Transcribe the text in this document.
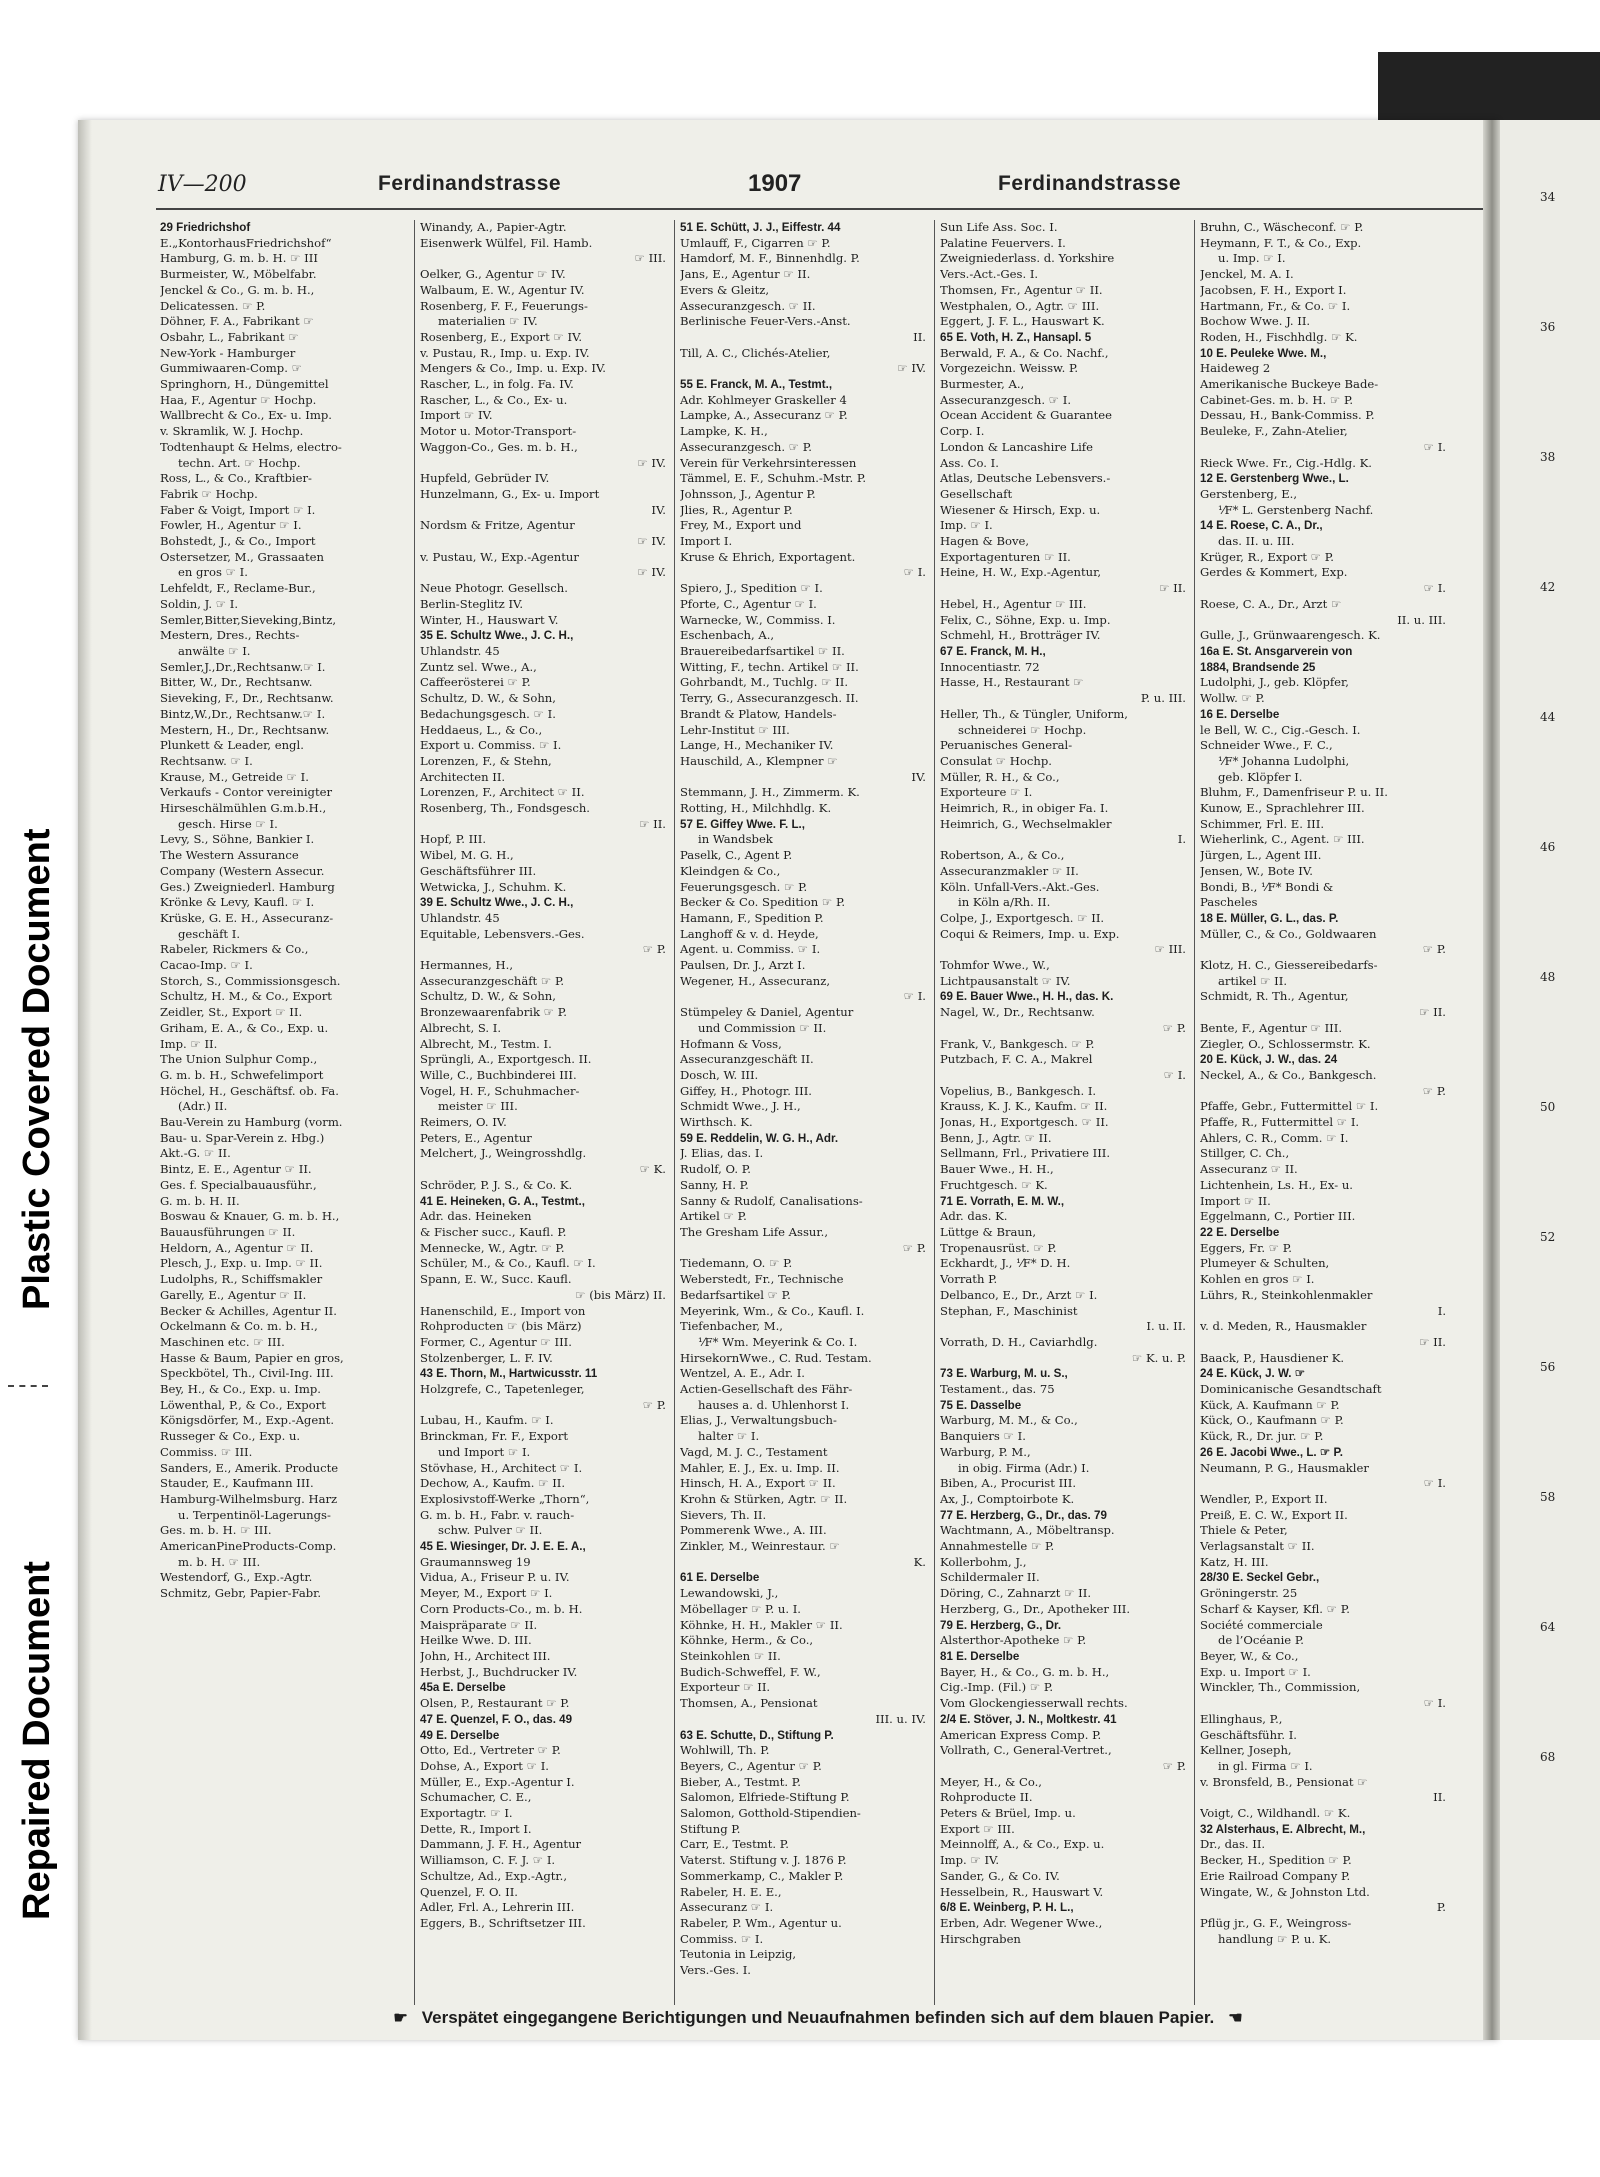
Plastic Covered Document
Repaired Document
IV—200	Ferdinandstrasse	1907	Ferdinandstrasse
29 Friedrichshof
E.„KontorhausFriedrichshof“
Hamburg, G. m. b. H. ☞ III
Burmeister, W., Möbelfabr.
Jenckel & Co., G. m. b. H.,
Delicatessen. ☞ P.
Döhner, F. A., Fabrikant ☞
Osbahr, L., Fabrikant ☞
New-York - Hamburger
Gummiwaaren-Comp. ☞
Springhorn, H., Düngemittel
Haa, F., Agentur ☞ Hochp.
Wallbrecht & Co., Ex- u. Imp.
v. Skramlik, W. J. Hochp.
Todtenhaupt & Helms, electro-
techn. Art. ☞ Hochp.
Ross, L., & Co., Kraftbier-
Fabrik ☞ Hochp.
Faber & Voigt, Import ☞ I.
Fowler, H., Agentur ☞ I.
Bohstedt, J., & Co., Import
Ostersetzer, M., Grassaaten
en gros ☞ I.
Lehfeldt, F., Reclame-Bur.,
Soldin, J. ☞ I.
Semler,Bitter,Sieveking,Bintz,
Mestern, Dres., Rechts-
anwälte ☞ I.
Semler,J.,Dr.,Rechtsanw.☞ I.
Bitter, W., Dr., Rechtsanw.
Sieveking, F., Dr., Rechtsanw.
Bintz,W.,Dr., Rechtsanw.☞ I.
Mestern, H., Dr., Rechtsanw.
Plunkett & Leader, engl.
Rechtsanw. ☞ I.
Krause, M., Getreide ☞ I.
Verkaufs - Contor vereinigter
Hirseschälmühlen G.m.b.H.,
gesch. Hirse ☞ I.
Levy, S., Söhne, Bankier I.
The Western Assurance
Company (Western Assecur.
Ges.) Zweigniederl. Hamburg
Krönke & Levy, Kaufl. ☞ I.
Krüske, G. E. H., Assecuranz-
geschäft I.
Rabeler, Rickmers & Co.,
Cacao-Imp. ☞ I.
Storch, S., Commissionsgesch.
Schultz, H. M., & Co., Export
Zeidler, St., Export ☞ II.
Griham, E. A., & Co., Exp. u.
Imp. ☞ II.
The Union Sulphur Comp.,
G. m. b. H., Schwefelimport
Höchel, H., Geschäftsf. ob. Fa.
(Adr.) II.
Bau-Verein zu Hamburg (vorm.
Bau- u. Spar-Verein z. Hbg.)
Akt.-G. ☞ II.
Bintz, E. E., Agentur ☞ II.
Ges. f. Specialbauausführ.,
G. m. b. H. II.
Boswau & Knauer, G. m. b. H.,
Bauausführungen ☞ II.
Heldorn, A., Agentur ☞ II.
Plesch, J., Exp. u. Imp. ☞ II.
Ludolphs, R., Schiffsmakler
Garelly, E., Agentur ☞ II.
Becker & Achilles, Agentur II.
Ockelmann & Co. m. b. H.,
Maschinen etc. ☞ III.
Hasse & Baum, Papier en gros,
Speckbötel, Th., Civil-Ing. III.
Bey, H., & Co., Exp. u. Imp.
Löwenthal, P., & Co., Export
Königsdörfer, M., Exp.-Agent.
Russeger & Co., Exp. u.
Commiss. ☞ III.
Sanders, E., Amerik. Producte
Stauder, E., Kaufmann III.
Hamburg-Wilhelmsburg. Harz
u. Terpentinöl-Lagerungs-
Ges. m. b. H. ☞ III.
AmericanPineProducts-Comp.
m. b. H. ☞ III.
Westendorf, G., Exp.-Agtr.
Schmitz, Gebr, Papier-Fabr.
Winandy, A., Papier-Agtr.
Eisenwerk Wülfel, Fil. Hamb.
☞ III.
Oelker, G., Agentur ☞ IV.
Walbaum, E. W., Agentur IV.
Rosenberg, F. F., Feuerungs-
materialien ☞ IV.
Rosenberg, E., Export ☞ IV.
v. Pustau, R., Imp. u. Exp. IV.
Mengers & Co., Imp. u. Exp. IV.
Rascher, L., in folg. Fa. IV.
Rascher, L., & Co., Ex- u.
Import ☞ IV.
Motor u. Motor-Transport-
Waggon-Co., Ges. m. b. H.,
☞ IV.
Hupfeld, Gebrüder IV.
Hunzelmann, G., Ex- u. Import
IV.
Nordsm & Fritze, Agentur
☞ IV.
v. Pustau, W., Exp.-Agentur
☞ IV.
Neue Photogr. Gesellsch.
Berlin-Steglitz IV.
Winter, H., Hauswart V.
35 E. Schultz Wwe., J. C. H.,
Uhlandstr. 45
Zuntz sel. Wwe., A.,
Caffeerösterei ☞ P.
Schultz, D. W., & Sohn,
Bedachungsgesch. ☞ I.
Heddaeus, L., & Co.,
Export u. Commiss. ☞ I.
Lorenzen, F., & Stehn,
Architecten II.
Lorenzen, F., Architect ☞ II.
Rosenberg, Th., Fondsgesch.
☞ II.
Hopf, P. III.
Wibel, M. G. H.,
Geschäftsführer III.
Wetwicka, J., Schuhm. K.
39 E. Schultz Wwe., J. C. H.,
Uhlandstr. 45
Equitable, Lebensvers.-Ges.
☞ P.
Hermannes, H.,
Assecuranzgeschäft ☞ P.
Schultz, D. W., & Sohn,
Bronzewaarenfabrik ☞ P.
Albrecht, S. I.
Albrecht, M., Testm. I.
Sprüngli, A., Exportgesch. II.
Wille, C., Buchbinderei III.
Vogel, H. F., Schuhmacher-
meister ☞ III.
Reimers, O. IV.
Peters, E., Agentur
Melchert, J., Weingrosshdlg.
☞ K.
Schröder, P. J. S., & Co. K.
41 E. Heineken, G. A., Testmt.,
Adr. das. Heineken
& Fischer succ., Kaufl. P.
Mennecke, W., Agtr. ☞ P.
Schüler, M., & Co., Kaufl. ☞ I.
Spann, E. W., Succ. Kaufl.
☞ (bis März) II.
Hanenschild, E., Import von
Rohproducten ☞ (bis März)
Former, C., Agentur ☞ III.
Stolzenberger, L. F. IV.
43 E. Thorn, M., Hartwicusstr. 11
Holzgrefe, C., Tapetenleger,
☞ P.
Lubau, H., Kaufm. ☞ I.
Brinckman, Fr. F., Export
und Import ☞ I.
Stövhase, H., Architect ☞ I.
Dechow, A., Kaufm. ☞ II.
Explosivstoff-Werke „Thorn“,
G. m. b. H., Fabr. v. rauch-
schw. Pulver ☞ II.
45 E. Wiesinger, Dr. J. E. E. A.,
Graumannsweg 19
Vidua, A., Friseur P. u. IV.
Meyer, M., Export ☞ I.
Corn Products-Co., m. b. H.
Maispräparate ☞ II.
Heilke Wwe. D. III.
John, H., Architect III.
Herbst, J., Buchdrucker IV.
45a E. Derselbe
Olsen, P., Restaurant ☞ P.
47 E. Quenzel, F. O., das. 49
49 E. Derselbe
Otto, Ed., Vertreter ☞ P.
Dohse, A., Export ☞ I.
Müller, E., Exp.-Agentur I.
Schumacher, C. E.,
Exportagtr. ☞ I.
Dette, R., Import I.
Dammann, J. F. H., Agentur
Williamson, C. F. J. ☞ I.
Schultze, Ad., Exp.-Agtr.,
Quenzel, F. O. II.
Adler, Frl. A., Lehrerin III.
Eggers, B., Schriftsetzer III.
51 E. Schütt, J. J., Eiffestr. 44
Umlauff, F., Cigarren ☞ P.
Hamdorf, M. F., Binnenhdlg. P.
Jans, E., Agentur ☞ II.
Evers & Gleitz,
Assecuranzgesch. ☞ II.
Berlinische Feuer-Vers.-Anst.
II.
Till, A. C., Clichés-Atelier,
☞ IV.
55 E. Franck, M. A., Testmt.,
Adr. Kohlmeyer Graskeller 4
Lampke, A., Assecuranz ☞ P.
Lampke, K. H.,
Assecuranzgesch. ☞ P.
Verein für Verkehrsinteressen
Tämmel, E. F., Schuhm.-Mstr. P.
Johnsson, J., Agentur P.
Jlies, R., Agentur P.
Frey, M., Export und
Import I.
Kruse & Ehrich, Exportagent.
☞ I.
Spiero, J., Spedition ☞ I.
Pforte, C., Agentur ☞ I.
Warnecke, W., Commiss. I.
Eschenbach, A.,
Brauereibedarfsartikel ☞ II.
Witting, F., techn. Artikel ☞ II.
Gohrbandt, M., Tuchlg. ☞ II.
Terry, G., Assecuranzgesch. II.
Brandt & Platow, Handels-
Lehr-Institut ☞ III.
Lange, H., Mechaniker IV.
Hauschild, A., Klempner ☞
IV.
Stemmann, J. H., Zimmerm. K.
Rotting, H., Milchhdlg. K.
57 E. Giffey Wwe. F. L.,
in Wandsbek
Paselk, C., Agent P.
Kleindgen & Co.,
Feuerungsgesch. ☞ P.
Becker & Co. Spedition ☞ P.
Hamann, F., Spedition P.
Langhoff & v. d. Heyde,
Agent. u. Commiss. ☞ I.
Paulsen, Dr. J., Arzt I.
Wegener, H., Assecuranz,
☞ I.
Stümpeley & Daniel, Agentur
und Commission ☞ II.
Hofmann & Voss,
Assecuranzgeschäft II.
Dosch, W. III.
Giffey, H., Photogr. III.
Schmidt Wwe., J. H.,
Wirthsch. K.
59 E. Reddelin, W. G. H., Adr.
J. Elias, das. I.
Rudolf, O. P.
Sanny, H. P.
Sanny & Rudolf, Canalisations-
Artikel ☞ P.
The Gresham Life Assur.,
☞ P.
Tiedemann, O. ☞ P.
Weberstedt, Fr., Technische
Bedarfsartikel ☞ P.
Meyerink, Wm., & Co., Kaufl. I.
Tiefenbacher, M.,
⅟F* Wm. Meyerink & Co. I.
HirsekornWwe., C. Rud. Testam.
Wentzel, A. E., Adr. I.
Actien-Gesellschaft des Fähr-
hauses a. d. Uhlenhorst I.
Elias, J., Verwaltungsbuch-
halter ☞ I.
Vagd, M. J. C., Testament
Mahler, E. J., Ex. u. Imp. II.
Hinsch, H. A., Export ☞ II.
Krohn & Stürken, Agtr. ☞ II.
Sievers, Th. II.
Pommerenk Wwe., A. III.
Zinkler, M., Weinrestaur. ☞
K.
61 E. Derselbe
Lewandowski, J.,
Möbellager ☞ P. u. I.
Köhnke, H. H., Makler ☞ II.
Köhnke, Herm., & Co.,
Steinkohlen ☞ II.
Budich-Schweffel, F. W.,
Exporteur ☞ II.
Thomsen, A., Pensionat
III. u. IV.
63 E. Schutte, D., Stiftung P.
Wohlwill, Th. P.
Beyers, C., Agentur ☞ P.
Bieber, A., Testmt. P.
Salomon, Elfriede-Stiftung P.
Salomon, Gotthold-Stipendien-
Stiftung P.
Carr, E., Testmt. P.
Vaterst. Stiftung v. J. 1876 P.
Sommerkamp, C., Makler P.
Rabeler, H. E. E.,
Assecuranz ☞ I.
Rabeler, P. Wm., Agentur u.
Commiss. ☞ I.
Teutonia in Leipzig,
Vers.-Ges. I.
Sun Life Ass. Soc. I.
Palatine Feuervers. I.
Zweigniederlass. d. Yorkshire
Vers.-Act.-Ges. I.
Thomsen, Fr., Agentur ☞ II.
Westphalen, O., Agtr. ☞ III.
Eggert, J. F. L., Hauswart K.
65 E. Voth, H. Z., Hansapl. 5
Berwald, F. A., & Co. Nachf.,
Vorgezeichn. Weissw. P.
Burmester, A.,
Assecuranzgesch. ☞ I.
Ocean Accident & Guarantee
Corp. I.
London & Lancashire Life
Ass. Co. I.
Atlas, Deutsche Lebensvers.-
Gesellschaft
Wiesener & Hirsch, Exp. u.
Imp. ☞ I.
Hagen & Bove,
Exportagenturen ☞ II.
Heine, H. W., Exp.-Agentur,
☞ II.
Hebel, H., Agentur ☞ III.
Felix, C., Söhne, Exp. u. Imp.
Schmehl, H., Brotträger IV.
67 E. Franck, M. H.,
Innocentiastr. 72
Hasse, H., Restaurant ☞
P. u. III.
Heller, Th., & Tüngler, Uniform,
schneiderei ☞ Hochp.
Peruanisches General-
Consulat ☞ Hochp.
Müller, R. H., & Co.,
Exporteure ☞ I.
Heimrich, R., in obiger Fa. I.
Heimrich, G., Wechselmakler
I.
Robertson, A., & Co.,
Assecuranzmakler ☞ II.
Köln. Unfall-Vers.-Akt.-Ges.
in Köln a/Rh. II.
Colpe, J., Exportgesch. ☞ II.
Coqui & Reimers, Imp. u. Exp.
☞ III.
Tohmfor Wwe., W.,
Lichtpausanstalt ☞ IV.
69 E. Bauer Wwe., H. H., das. K.
Nagel, W., Dr., Rechtsanw.
☞ P.
Frank, V., Bankgesch. ☞ P.
Putzbach, F. C. A., Makrel
☞ I.
Vopelius, B., Bankgesch. I.
Krauss, K. J. K., Kaufm. ☞ II.
Jonas, H., Exportgesch. ☞ II.
Benn, J., Agtr. ☞ II.
Sellmann, Frl., Privatiere III.
Bauer Wwe., H. H.,
Fruchtgesch. ☞ K.
71 E. Vorrath, E. M. W.,
Adr. das. K.
Lüttge & Braun,
Tropenausrüst. ☞ P.
Eckhardt, J., ⅟F* D. H.
Vorrath P.
Delbanco, E., Dr., Arzt ☞ I.
Stephan, F., Maschinist
I. u. II.
Vorrath, D. H., Caviarhdlg.
☞ K. u. P.
73 E. Warburg, M. u. S.,
Testament., das. 75
75 E. Dasselbe
Warburg, M. M., & Co.,
Banquiers ☞ I.
Warburg, P. M.,
in obig. Firma (Adr.) I.
Biben, A., Procurist III.
Ax, J., Comptoirbote K.
77 E. Herzberg, G., Dr., das. 79
Wachtmann, A., Möbeltransp.
Annahmestelle ☞ P.
Kollerbohm, J.,
Schildermaler II.
Döring, C., Zahnarzt ☞ II.
Herzberg, G., Dr., Apotheker III.
79 E. Herzberg, G., Dr.
Alsterthor-Apotheke ☞ P.
81 E. Derselbe
Bayer, H., & Co., G. m. b. H.,
Cig.-Imp. (Fil.) ☞ P.
Vom Glockengiesserwall rechts.
2/4 E. Stöver, J. N., Moltkestr. 41
American Express Comp. P.
Vollrath, C., General-Vertret.,
☞ P.
Meyer, H., & Co.,
Rohproducte II.
Peters & Brüel, Imp. u.
Export ☞ III.
Meinnolff, A., & Co., Exp. u.
Imp. ☞ IV.
Sander, G., & Co. IV.
Hesselbein, R., Hauswart V.
6/8 E. Weinberg, P. H. L.,
Erben, Adr. Wegener Wwe.,
Hirschgraben
Bruhn, C., Wäscheconf. ☞ P.
Heymann, F. T., & Co., Exp.
u. Imp. ☞ I.
Jenckel, M. A. I.
Jacobsen, F. H., Export I.
Hartmann, Fr., & Co. ☞ I.
Bochow Wwe. J. II.
Roden, H., Fischhdlg. ☞ K.
10 E. Peuleke Wwe. M.,
Haideweg 2
Amerikanische Buckeye Bade-
Cabinet-Ges. m. b. H. ☞ P.
Dessau, H., Bank-Commiss. P.
Beuleke, F., Zahn-Atelier,
☞ I.
Rieck Wwe. Fr., Cig.-Hdlg. K.
12 E. Gerstenberg Wwe., L.
Gerstenberg, E.,
⅟F* L. Gerstenberg Nachf.
14 E. Roese, C. A., Dr.,
das. II. u. III.
Krüger, R., Export ☞ P.
Gerdes & Kommert, Exp.
☞ I.
Roese, C. A., Dr., Arzt ☞
II. u. III.
Gulle, J., Grünwaarengesch. K.
16a E. St. Ansgarverein von
1884, Brandsende 25
Ludolphi, J., geb. Klöpfer,
Wollw. ☞ P.
16 E. Derselbe
le Bell, W. C., Cig.-Gesch. I.
Schneider Wwe., F. C.,
⅟F* Johanna Ludolphi,
geb. Klöpfer I.
Bluhm, F., Damenfriseur P. u. II.
Kunow, E., Sprachlehrer III.
Schimmer, Frl. E. III.
Wieherlink, C., Agent. ☞ III.
Jürgen, L., Agent III.
Jensen, W., Bote IV.
Bondi, B., ⅟F* Bondi &
Pascheles
18 E. Müller, G. L., das. P.
Müller, C., & Co., Goldwaaren
☞ P.
Klotz, H. C., Giessereibedarfs-
artikel ☞ II.
Schmidt, R. Th., Agentur,
☞ II.
Bente, F., Agentur ☞ III.
Ziegler, O., Schlossermstr. K.
20 E. Kück, J. W., das. 24
Neckel, A., & Co., Bankgesch.
☞ P.
Pfaffe, Gebr., Futtermittel ☞ I.
Pfaffe, R., Futtermittel ☞ I.
Ahlers, C. R., Comm. ☞ I.
Stillger, C. Ch.,
Assecuranz ☞ II.
Lichtenhein, Ls. H., Ex- u.
Import ☞ II.
Eggelmann, C., Portier III.
22 E. Derselbe
Eggers, Fr. ☞ P.
Plumeyer & Schulten,
Kohlen en gros ☞ I.
Lührs, R., Steinkohlenmakler
I.
v. d. Meden, R., Hausmakler
☞ II.
Baack, P., Hausdiener K.
24 E. Kück, J. W. ☞
Dominicanische Gesandtschaft
Kück, A. Kaufmann ☞ P.
Kück, O., Kaufmann ☞ P.
Kück, R., Dr. jur. ☞ P.
26 E. Jacobi Wwe., L. ☞ P.
Neumann, P. G., Hausmakler
☞ I.
Wendler, P., Export II.
Preiß, E. C. W., Export II.
Thiele & Peter,
Verlagsanstalt ☞ II.
Katz, H. III.
28/30 E. Seckel Gebr.,
Gröningerstr. 25
Scharf & Kayser, Kfl. ☞ P.
Société commerciale
de l’Océanie P.
Beyer, W., & Co.,
Exp. u. Import ☞ I.
Winckler, Th., Commission,
☞ I.
Ellinghaus, P.,
Geschäftsführ. I.
Kellner, Joseph,
in gl. Firma ☞ I.
v. Bronsfeld, B., Pensionat ☞
II.
Voigt, C., Wildhandl. ☞ K.
32 Alsterhaus, E. Albrecht, M.,
Dr., das. II.
Becker, H., Spedition ☞ P.
Erie Railroad Company P.
Wingate, W., & Johnston Ltd.
P.
Pflüg jr., G. F., Weingross-
handlung ☞ P. u. K.
☛ Verspätet eingegangene Berichtigungen und Neuaufnahmen befinden sich auf dem blauen Papier. ☚
34
36
38
42
44
46
48
50
52
56
58
64
68
